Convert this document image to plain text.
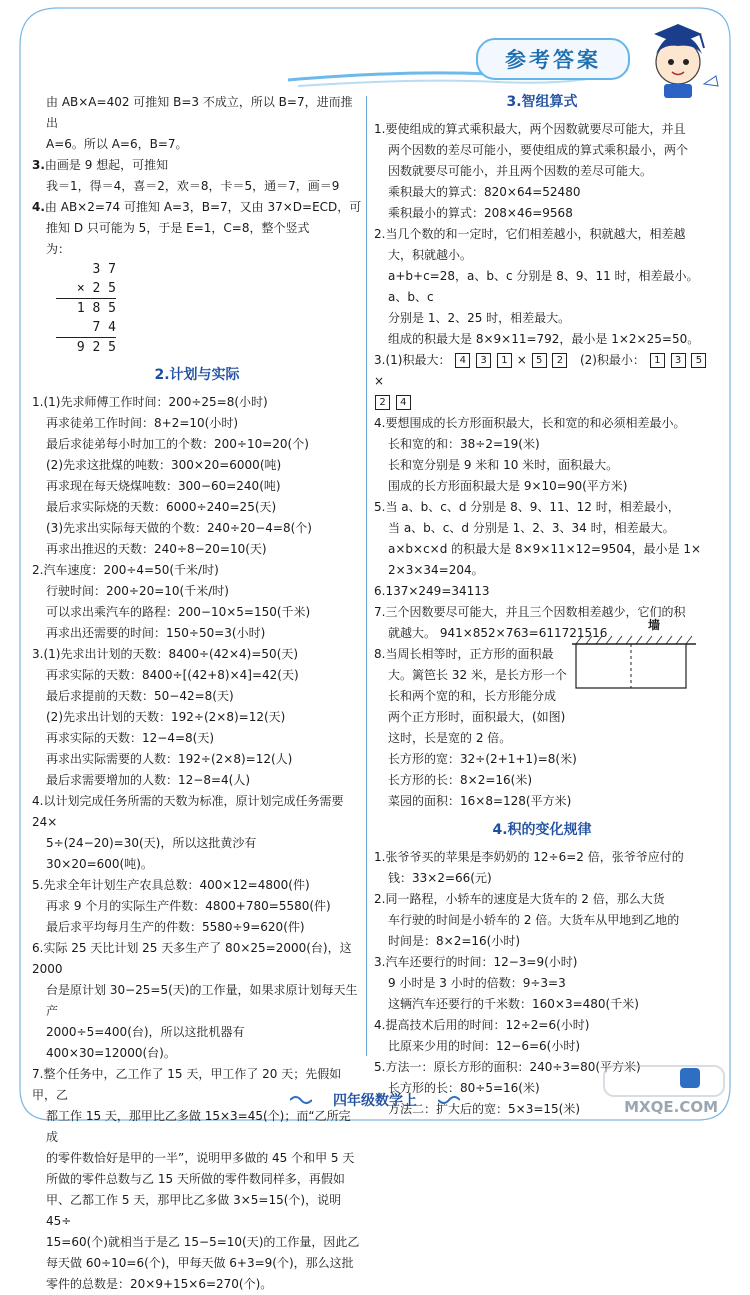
参考答案

由 AB×A=402 可推知 B=3 不成立，所以 B=7，进而推出

A=6。所以 A=6，B=7。

3.由画是 9 想起，可推知

我＝1，得＝4，喜＝2，欢＝8，卡＝5，通＝7，画＝9

4.由 AB×2=74 可推知 A=3，B=7，又由 37×D=ECD，可

推知 D 只可能为 5，于是 E=1，C=8，整个竖式

为：

3 7
× 2 5
1 8 5
7 4
9 2 5
2.计划与实际

1.(1)先求师傅工作时间：200÷25=8(小时)

再求徒弟工作时间：8+2=10(小时)

最后求徒弟每小时加工的个数：200÷10=20(个)

(2)先求这批煤的吨数：300×20=6000(吨)

再求现在每天烧煤吨数：300−60=240(吨)

最后求实际烧的天数：6000÷240=25(天)

(3)先求出实际每天做的个数：240÷20−4=8(个)

再求出推迟的天数：240÷8−20=10(天)

2.汽车速度：200÷4=50(千米/时)

行驶时间：200÷20=10(千米/时)

可以求出乘汽车的路程：200−10×5=150(千米)

再求出还需要的时间：150÷50=3(小时)

3.(1)先求出计划的天数：8400÷(42×4)=50(天)

再求实际的天数：8400÷[(42+8)×4]=42(天)

最后求提前的天数：50−42=8(天)

(2)先求出计划的天数：192÷(2×8)=12(天)

再求实际的天数：12−4=8(天)

再求出实际需要的人数：192÷(2×8)=12(人)

最后求需要增加的人数：12−8=4(人)

4.以计划完成任务所需的天数为标准，原计划完成任务需要 24×

5÷(24−20)=30(天)，所以这批黄沙有 30×20=600(吨)。

5.先求全年计划生产农具总数：400×12=4800(件)

再求 9 个月的实际生产件数：4800+780=5580(件)

最后求平均每月生产的件数：5580÷9=620(件)

6.实际 25 天比计划 25 天多生产了 80×25=2000(台)，这 2000

台是原计划 30−25=5(天)的工作量，如果求原计划每天生产

2000÷5=400(台)，所以这批机器有 400×30=12000(台)。

7.整个任务中，乙工作了 15 天，甲工作了 20 天；先假如甲，乙

都工作 15 天，那甲比乙多做 15×3=45(个)；而“乙所完成

的零件数恰好是甲的一半”，说明甲多做的 45 个和甲 5 天

所做的零件总数与乙 15 天所做的零件数同样多，再假如

甲、乙都工作 5 天，那甲比乙多做 3×5=15(个)，说明 45÷

15=60(个)就相当于是乙 15−5=10(天)的工作量，因此乙

每天做 60÷10=6(个)，甲每天做 6+3=9(个)，那么这批

零件的总数是：20×9+15×6=270(个)。

3.智组算式

1.要使组成的算式乘积最大，两个因数就要尽可能大，并且

两个因数的差尽可能小，要使组成的算式乘积最小，两个

因数就要尽可能小，并且两个因数的差尽可能大。

乘积最大的算式：820×64=52480

乘积最小的算式：208×46=9568

2.当几个数的和一定时，它们相差越小，积就越大，相差越

大，积就越小。

a+b+c=28，a、b、c 分别是 8、9、11 时，相差最小。a、b、c

分别是 1、2、25 时，相差最大。

组成的积最大是 8×9×11=792，最小是 1×2×25=50。

3.(1)积最大： 4 3 1 × 5 2 (2)积最小： 1 3 5 ×

2 4

4.要想围成的长方形面积最大，长和宽的和必须相差最小。

长和宽的和：38÷2=19(米)

长和宽分别是 9 米和 10 米时，面积最大。

围成的长方形面积最大是 9×10=90(平方米)

5.当 a、b、c、d 分别是 8、9、11、12 时，相差最小，

当 a、b、c、d 分别是 1、2、3、34 时，相差最大。

a×b×c×d 的积最大是 8×9×11×12=9504，最小是 1×

2×3×34=204。

6.137×249=34113

7.三个因数要尽可能大，并且三个因数相差越少，它们的积

就越大。 941×852×763=611721516

8.当周长相等时，正方形的面积最

大。篱笆长 32 米，是长方形一个

长和两个宽的和，长方形能分成

两个正方形时，面积最大，(如图)

这时，长是宽的 2 倍。

长方形的宽：32÷(2+1+1)=8(米)

长方形的长：8×2=16(米)

菜园的面积：16×8=128(平方米)

4.积的变化规律

1.张爷爷买的苹果是李奶奶的 12÷6=2 倍，张爷爷应付的

钱：33×2=66(元)

2.同一路程，小轿车的速度是大货车的 2 倍，那么大货

车行驶的时间是小轿车的 2 倍。大货车从甲地到乙地的

时间是：8×2=16(小时)

3.汽车还要行的时间：12−3=9(小时)

9 小时是 3 小时的倍数：9÷3=3

这辆汽车还要行的千米数：160×3=480(千米)

4.提高技术后用的时间：12÷2=6(小时)

比原来少用的时间：12−6=6(小时)

5.方法一：原长方形的面积：240÷3=80(平方米)

长方形的长：80÷5=16(米)

方法二：扩大后的宽：5×3=15(米)

墙
四年级数学上	MXQE.COM
